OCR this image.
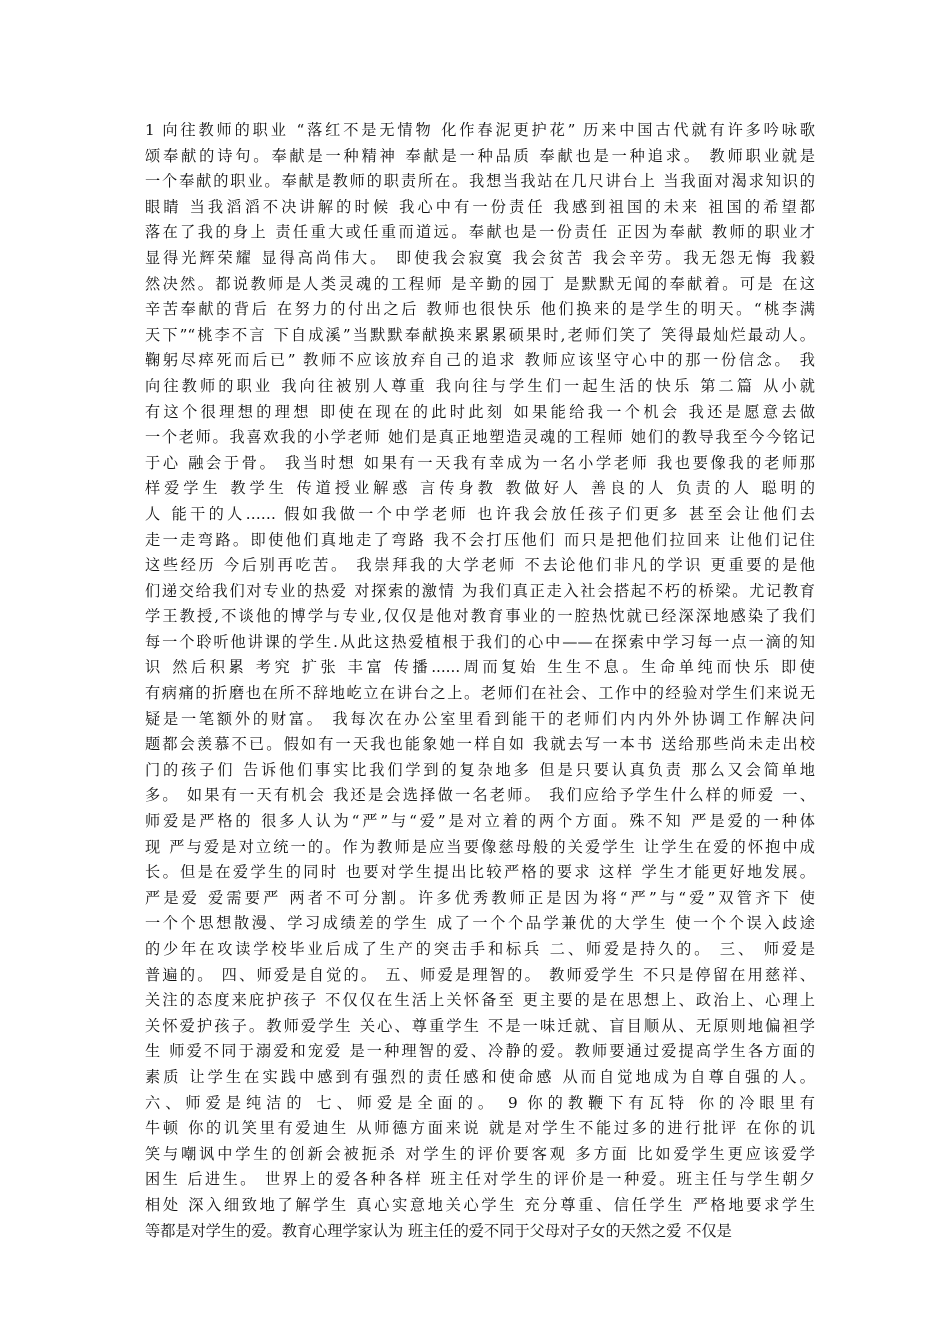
1 向往教师的职业 “落红不是无情物 化作春泥更护花” 历来中国古代就有许多吟咏歌
颂奉献的诗句。奉献是一种精神 奉献是一种品质 奉献也是一种追求。 教师职业就是
一个奉献的职业。奉献是教师的职责所在。我想当我站在几尺讲台上 当我面对渴求知识的
眼睛 当我滔滔不决讲解的时候 我心中有一份责任 我感到祖国的未来 祖国的希望都
落在了我的身上 责任重大或任重而道远。奉献也是一份责任 正因为奉献 教师的职业才
显得光辉荣耀 显得高尚伟大。 即使我会寂寞 我会贫苦 我会辛劳。我无怨无悔 我毅
然决然。都说教师是人类灵魂的工程师 是辛勤的园丁 是默默无闻的奉献着。可是 在这
辛苦奉献的背后 在努力的付出之后 教师也很快乐 他们换来的是学生的明天。“桃李满
天下”“桃李不言 下自成溪”当默默奉献换来累累硕果时,老师们笑了 笑得最灿烂最动人。
鞠躬尽瘁死而后已” 教师不应该放弃自己的追求 教师应该坚守心中的那一份信念。 我
向往教师的职业 我向往被别人尊重 我向往与学生们一起生活的快乐 第二篇 从小就
有这个很理想的理想 即使在现在的此时此刻 如果能给我一个机会 我还是愿意去做
一个老师。我喜欢我的小学老师 她们是真正地塑造灵魂的工程师 她们的教导我至今今铭记
于心 融会于骨。 我当时想 如果有一天我有幸成为一名小学老师 我也要像我的老师那
样爱学生 教学生 传道授业解惑 言传身教 教做好人 善良的人 负责的人 聪明的
人 能干的人…… 假如我做一个中学老师 也许我会放任孩子们更多 甚至会让他们去
走一走弯路。即使他们真地走了弯路 我不会打压他们 而只是把他们拉回来 让他们记住
这些经历 今后别再吃苦。 我崇拜我的大学老师 不去论他们非凡的学识 更重要的是他
们递交给我们对专业的热爱 对探索的激情 为我们真正走入社会搭起不朽的桥梁。尤记教育
学王教授,不谈他的博学与专业,仅仅是他对教育事业的一腔热忱就已经深深地感染了我们
每一个聆听他讲课的学生.从此这热爱植根于我们的心中——在探索中学习每一点一滴的知
识 然后积累 考究 扩张 丰富 传播......周而复始 生生不息。生命单纯而快乐 即使
有病痛的折磨也在所不辞地屹立在讲台之上。老师们在社会、工作中的经验对学生们来说无
疑是一笔额外的财富。 我每次在办公室里看到能干的老师们内内外外协调工作解决问
题都会羡慕不已。假如有一天我也能象她一样自如 我就去写一本书 送给那些尚未走出校
门的孩子们 告诉他们事实比我们学到的复杂地多 但是只要认真负责 那么又会简单地
多。 如果有一天有机会 我还是会选择做一名老师。 我们应给予学生什么样的师爱 一、
师爱是严格的 很多人认为“严”与“爱”是对立着的两个方面。殊不知 严是爱的一种体
现 严与爱是对立统一的。作为教师是应当要像慈母般的关爱学生 让学生在爱的怀抱中成
长。但是在爱学生的同时 也要对学生提出比较严格的要求 这样 学生才能更好地发展。
严是爱 爱需要严 两者不可分割。许多优秀教师正是因为将“严”与“爱”双管齐下 使
一个个思想散漫、学习成绩差的学生 成了一个个品学兼优的大学生 使一个个误入歧途
的少年在攻读学校毕业后成了生产的突击手和标兵 二、师爱是持久的。 三、 师爱是
普遍的。 四、师爱是自觉的。 五、师爱是理智的。 教师爱学生 不只是停留在用慈祥、
关注的态度来庇护孩子 不仅仅在生活上关怀备至 更主要的是在思想上、政治上、心理上
关怀爱护孩子。教师爱学生 关心、尊重学生 不是一味迁就、盲目顺从、无原则地偏袒学
生 师爱不同于溺爱和宠爱 是一种理智的爱、冷静的爱。教师要通过爱提高学生各方面的
素质 让学生在实践中感到有强烈的责任感和使命感 从而自觉地成为自尊自强的人。
六、师爱是纯洁的 七、师爱是全面的。 9 你的教鞭下有瓦特 你的冷眼里有
牛顿 你的讥笑里有爱迪生 从师德方面来说 就是对学生不能过多的进行批评 在你的讥
笑与嘲讽中学生的创新会被扼杀 对学生的评价要客观 多方面 比如爱学生更应该爱学
困生 后进生。 世界上的爱各种各样 班主任对学生的评价是一种爱。班主任与学生朝夕
相处 深入细致地了解学生 真心实意地关心学生 充分尊重、信任学生 严格地要求学生
等都是对学生的爱。教育心理学家认为 班主任的爱不同于父母对子女的天然之爱 不仅是
